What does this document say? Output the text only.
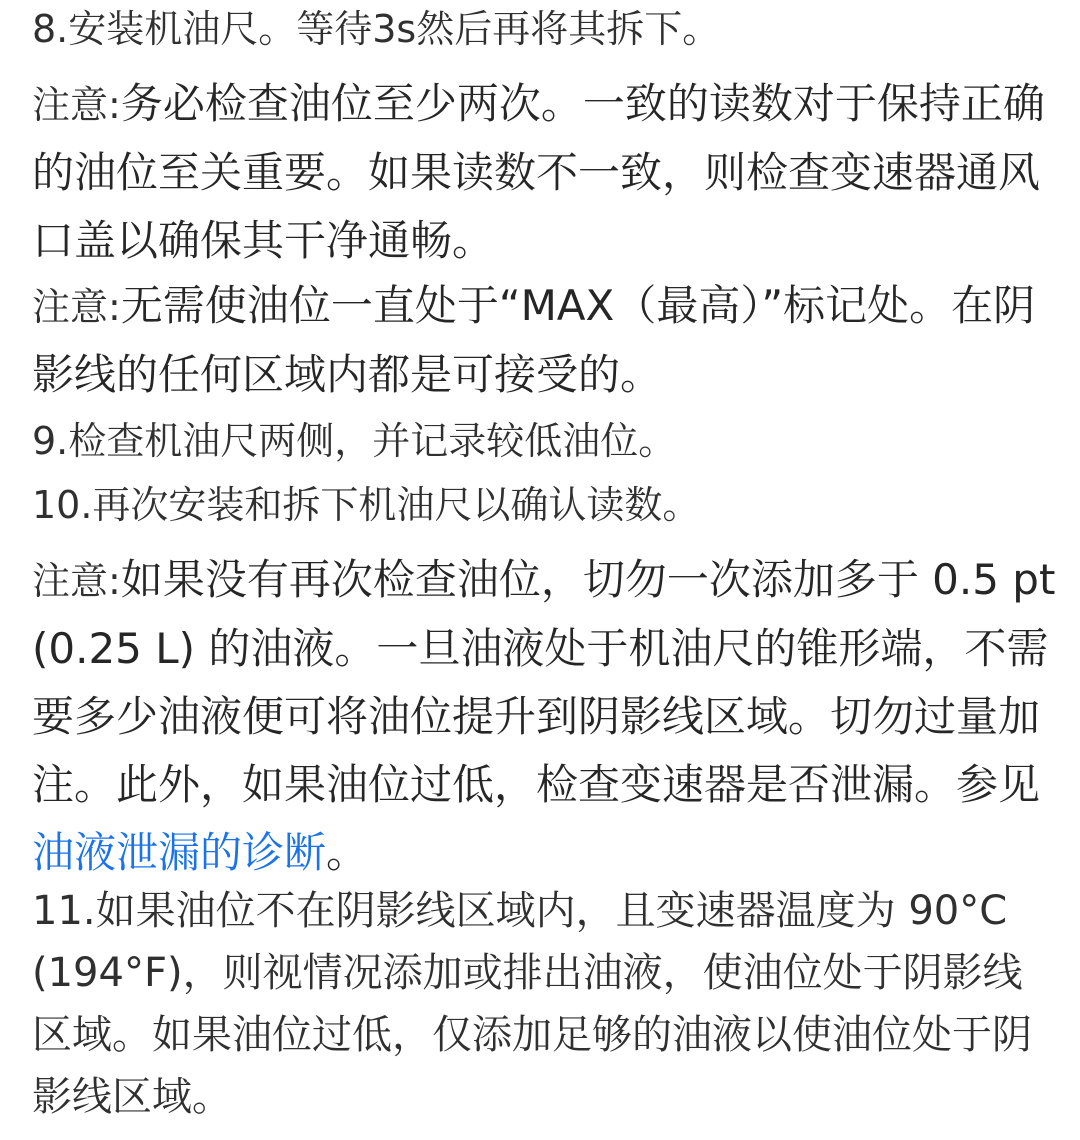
8.安装机油尺。等待3s然后再将其拆下。

注意:务必检查油位至少两次。一致的读数对于保持正确的油位至关重要。如果读数不一致，则检查变速器通风口盖以确保其干净通畅。

注意:无需使油位一直处于“MAX（最高）”标记处。在阴影线的任何区域内都是可接受的。

9.检查机油尺两侧，并记录较低油位。

10.再次安装和拆下机油尺以确认读数。

注意:如果没有再次检查油位，切勿一次添加多于 0.5 pt (0.25 L) 的油液。一旦油液处于机油尺的锥形端，不需要多少油液便可将油位提升到阴影线区域。切勿过量加注。此外，如果油位过低，检查变速器是否泄漏。参见油液泄漏的诊断。

11.如果油位不在阴影线区域内，且变速器温度为 90°C (194°F)，则视情况添加或排出油液，使油位处于阴影线区域。如果油位过低，仅添加足够的油液以使油位处于阴影线区域。
